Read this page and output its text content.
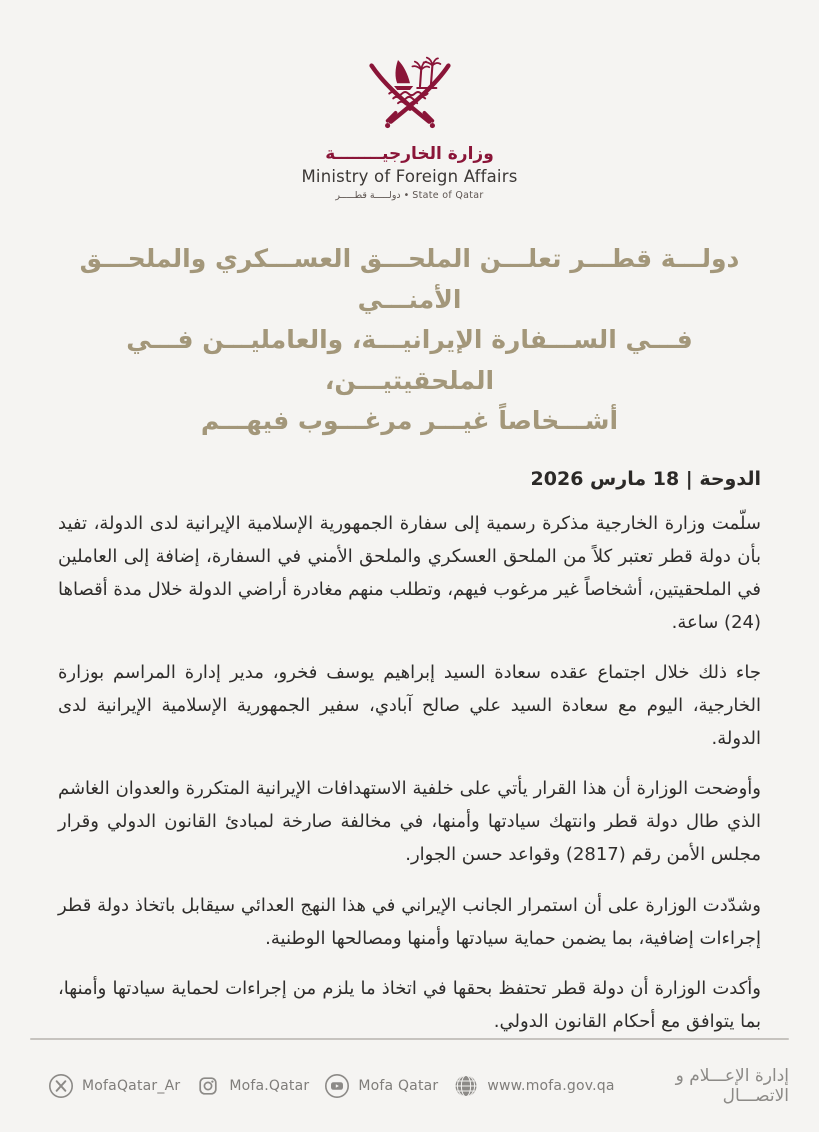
وزارة الخارجيــــــــة
Ministry of Foreign Affairs
دولـــــة قطـــــر • State of Qatar
دولـــة قطـــر تعلـــن الملحـــق العســـكري والملحـــق الأمنـــي
فـــي الســـفارة الإيرانيـــة، والعامليـــن فـــي الملحقيتيـــن،
أشـــخاصاً غيـــر مرغـــوب فيهـــم
الدوحة | 18 مارس 2026

سلّمت وزارة الخارجية مذكرة رسمية إلى سفارة الجمهورية الإسلامية الإيرانية لدى الدولة، تفيد بأن دولة قطر تعتبر كلاً من الملحق العسكري والملحق الأمني في السفارة، إضافة إلى العاملين في الملحقيتين، أشخاصاً غير مرغوب فيهم، وتطلب منهم مغادرة أراضي الدولة خلال مدة أقصاها (24) ساعة.

جاء ذلك خلال اجتماع عقده سعادة السيد إبراهيم يوسف فخرو، مدير إدارة المراسم بوزارة الخارجية، اليوم مع سعادة السيد علي صالح آبادي، سفير الجمهورية الإسلامية الإيرانية لدى الدولة.

وأوضحت الوزارة أن هذا القرار يأتي على خلفية الاستهدافات الإيرانية المتكررة والعدوان الغاشم الذي طال دولة قطر وانتهك سيادتها وأمنها، في مخالفة صارخة لمبادئ القانون الدولي وقرار مجلس الأمن رقم (2817) وقواعد حسن الجوار.

وشدّدت الوزارة على أن استمرار الجانب الإيراني في هذا النهج العدائي سيقابل باتخاذ دولة قطر إجراءات إضافية، بما يضمن حماية سيادتها وأمنها ومصالحها الوطنية.

وأكدت الوزارة أن دولة قطر تحتفظ بحقها في اتخاذ ما يلزم من إجراءات لحماية سيادتها وأمنها، بما يتوافق مع أحكام القانون الدولي.

MofaQatar_Ar	Mofa.Qatar	Mofa Qatar	www.mofa.gov.qa	إدارة الإعـــلام و الاتصـــال
